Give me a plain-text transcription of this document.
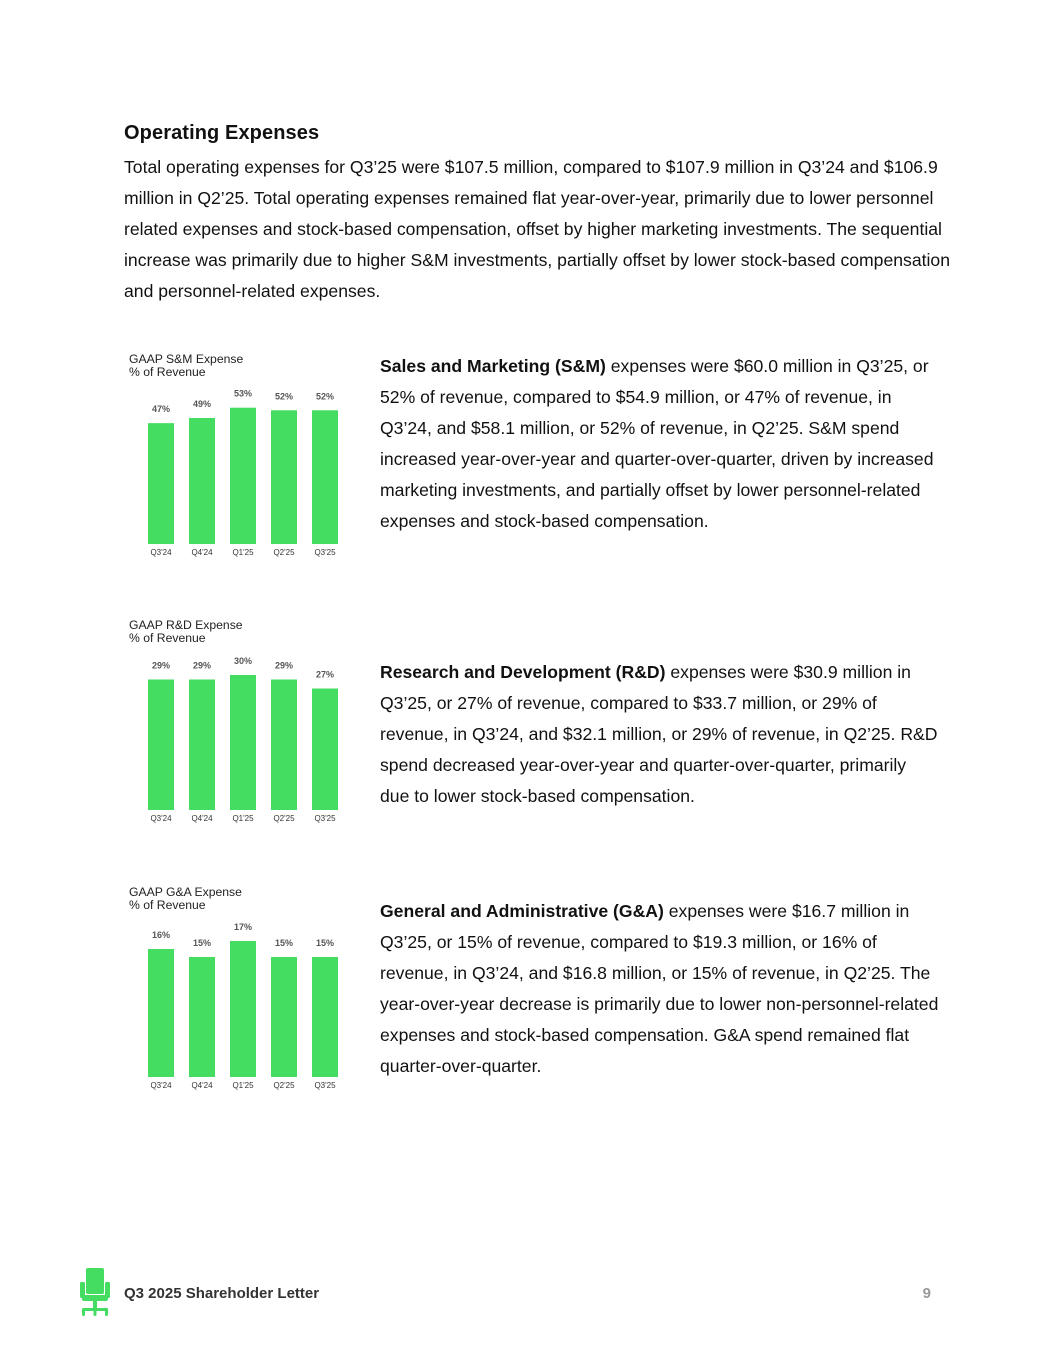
Operating Expenses

Total operating expenses for Q3’25 were $107.5 million, compared to $107.9 million in Q3’24 and $106.9 million in Q2’25. Total operating expenses remained flat year-over-year, primarily due to lower personnel related expenses and stock-based compensation, offset by higher marketing investments. The sequential increase was primarily due to higher S&M investments, partially offset by lower stock-based compensation and personnel-related expenses.

GAAP S&M Expense
% of Revenue
47%
Q3'24
49%
Q4'24
53%
Q1'25
52%
Q2'25
52%
Q3'25

Sales and Marketing (S&M) expenses were $60.0 million in Q3’25, or 52% of revenue, compared to $54.9 million, or 47% of revenue, in Q3’24, and $58.1 million, or 52% of revenue, in Q2’25. S&M spend increased year-over-year and quarter-over-quarter, driven by increased marketing investments, and partially offset by lower personnel-related expenses and stock-based compensation.

GAAP R&D Expense
% of Revenue
29%
Q3'24
29%
Q4'24
30%
Q1'25
29%
Q2'25
27%
Q3'25

Research and Development (R&D) expenses were $30.9 million in Q3’25, or 27% of revenue, compared to $33.7 million, or 29% of revenue, in Q3’24, and $32.1 million, or 29% of revenue, in Q2’25. R&D spend decreased year-over-year and quarter-over-quarter, primarily due to lower stock-based compensation.

GAAP G&A Expense
% of Revenue
16%
Q3'24
15%
Q4'24
17%
Q1'25
15%
Q2'25
15%
Q3'25

General and Administrative (G&A) expenses were $16.7 million in Q3’25, or 15% of revenue, compared to $19.3 million, or 16% of revenue, in Q3’24, and $16.8 million, or 15% of revenue, in Q2’25. The year-over-year decrease is primarily due to lower non-personnel-related expenses and stock-based compensation. G&A spend remained flat quarter-over-quarter.

Q3 2025 Shareholder Letter	9
